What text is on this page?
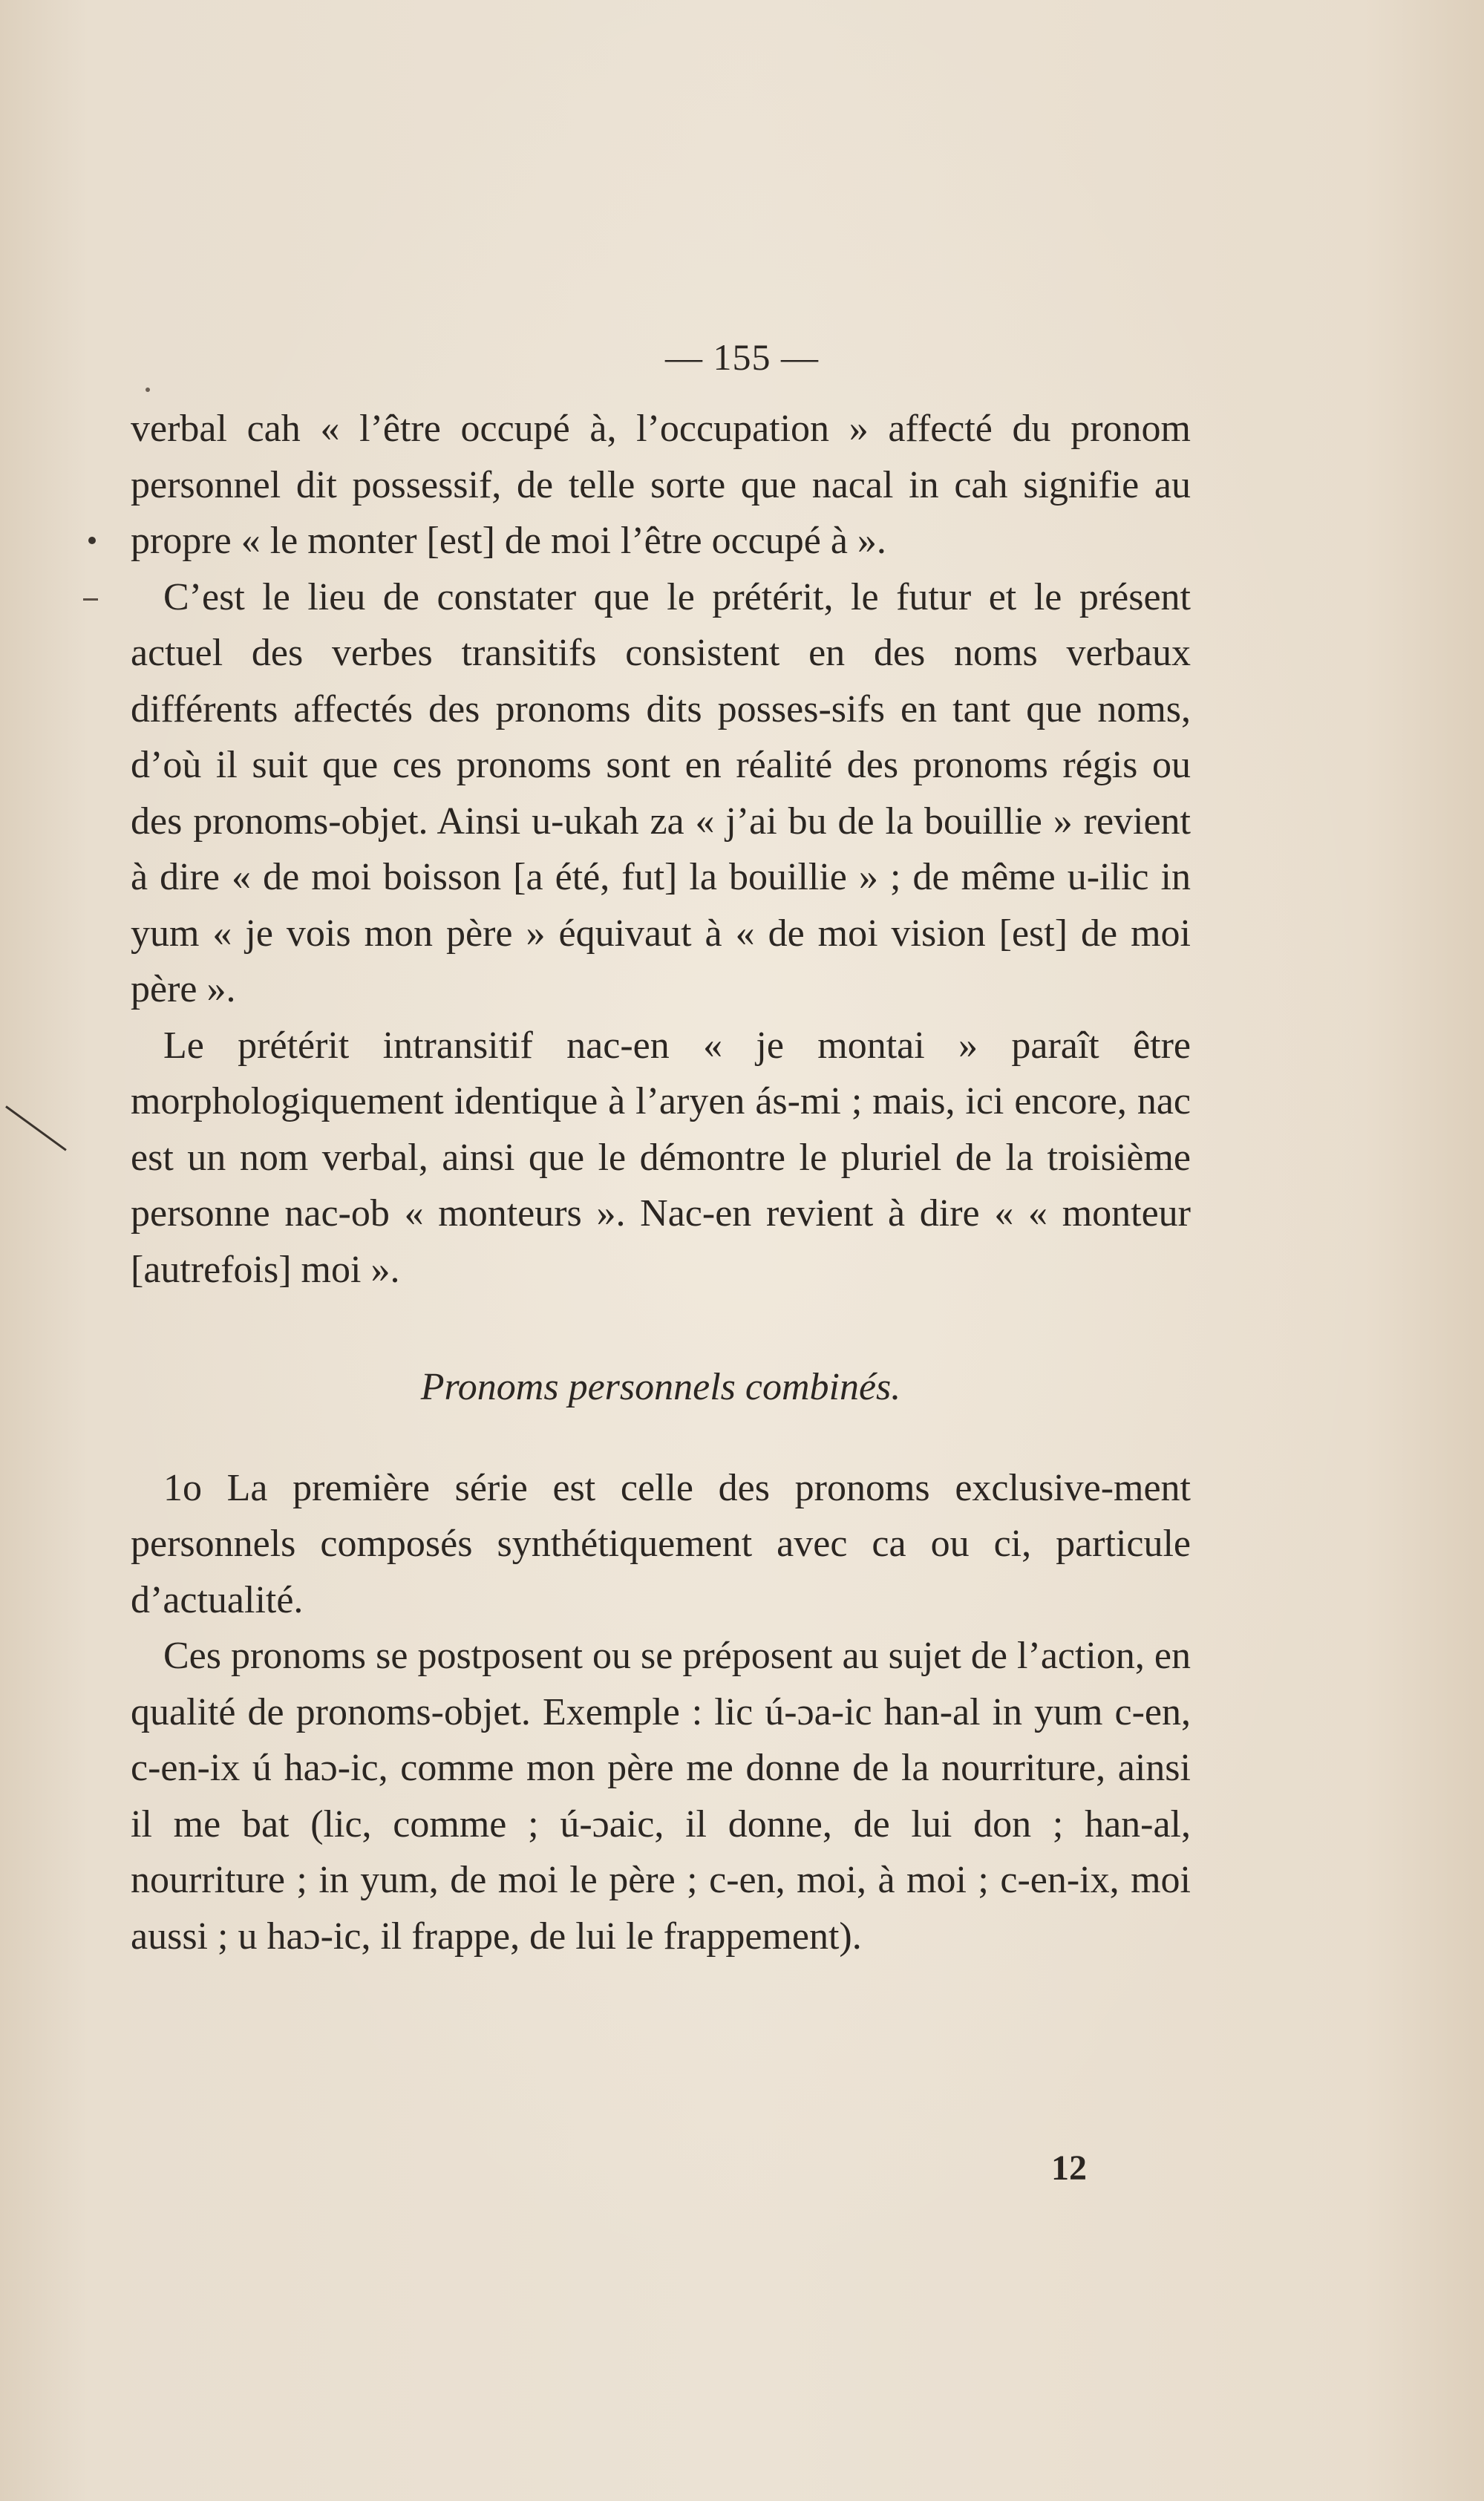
— 155 —

verbal cah « l’être occupé à, l’occupation » affecté du pronom personnel dit possessif, de telle sorte que nacal in cah signifie au propre « le monter [est] de moi l’être occupé à ».

C’est le lieu de constater que le prétérit, le futur et le présent actuel des verbes transitifs consistent en des noms verbaux différents affectés des pronoms dits posses-sifs en tant que noms, d’où il suit que ces pronoms sont en réalité des pronoms régis ou des pronoms-objet. Ainsi u-ukah za « j’ai bu de la bouillie » revient à dire « de moi boisson [a été, fut] la bouillie » ; de même u-ilic in yum « je vois mon père » équivaut à « de moi vision [est] de moi père ».

Le prétérit intransitif nac-en « je montai » paraît être morphologiquement identique à l’aryen ás-mi ; mais, ici encore, nac est un nom verbal, ainsi que le démontre le pluriel de la troisième personne nac-ob « monteurs ». Nac-en revient à dire « « monteur [autrefois] moi ».

Pronoms personnels combinés.

1o La première série est celle des pronoms exclusive-ment personnels composés synthétiquement avec ca ou ci, particule d’actualité.

Ces pronoms se postposent ou se préposent au sujet de l’action, en qualité de pronoms-objet. Exemple : lic ú-ɔa-ic han-al in yum c-en, c-en-ix ú haɔ-ic, comme mon père me donne de la nourriture, ainsi il me bat (lic, comme ; ú-ɔaic, il donne, de lui don ; han-al, nourriture ; in yum, de moi le père ; c-en, moi, à moi ; c-en-ix, moi aussi ; u haɔ-ic, il frappe, de lui le frappement).

12
